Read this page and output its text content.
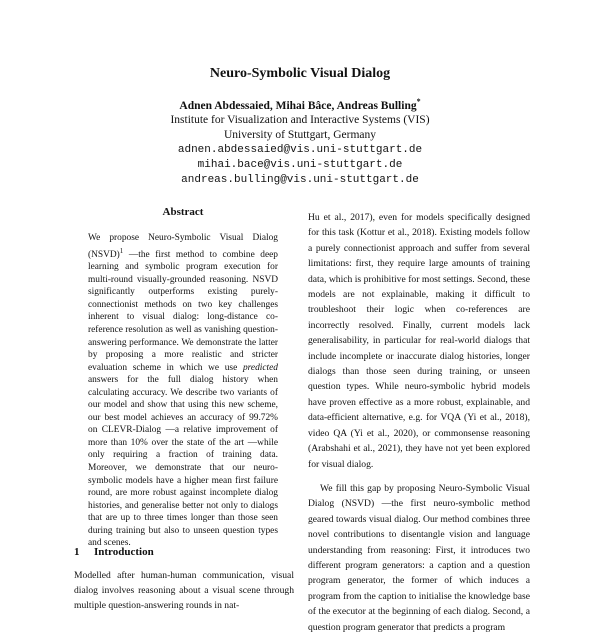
Neuro-Symbolic Visual Dialog
Adnen Abdessaied, Mihai Bâce, Andreas Bulling*
Institute for Visualization and Interactive Systems (VIS)
University of Stuttgart, Germany
adnen.abdessaied@vis.uni-stuttgart.de
mihai.bace@vis.uni-stuttgart.de
andreas.bulling@vis.uni-stuttgart.de
Abstract
We propose Neuro-Symbolic Visual Dialog (NSVD)$^1$ —the first method to combine deep learning and symbolic program execution for multi-round visually-grounded reasoning. NSVD significantly outperforms existing purely-connectionist methods on two key challenges inherent to visual dialog: long-distance co-reference resolution as well as vanishing question-answering performance. We demonstrate the latter by proposing a more realistic and stricter evaluation scheme in which we use predicted answers for the full dialog history when calculating accuracy. We describe two variants of our model and show that using this new scheme, our best model achieves an accuracy of 99.72% on CLEVR-Dialog —a relative improvement of more than 10% over the state of the art —while only requiring a fraction of training data. Moreover, we demonstrate that our neuro-symbolic models have a higher mean first failure round, are more robust against incomplete dialog histories, and generalise better not only to dialogs that are up to three times longer than those seen during training but also to unseen question types and scenes.
1 Introduction
Modelled after human-human communication, visual dialog involves reasoning about a visual scene through multiple question-answering rounds in nat-

Hu et al., 2017), even for models specifically designed for this task (Kottur et al., 2018). Existing models follow a purely connectionist approach and suffer from several limitations: first, they require large amounts of training data, which is prohibitive for most settings. Second, these models are not explainable, making it difficult to troubleshoot their logic when co-references are incorrectly resolved. Finally, current models lack generalisability, in particular for real-world dialogs that include incomplete or inaccurate dialog histories, longer dialogs than those seen during training, or unseen question types. While neuro-symbolic hybrid models have proven effective as a more robust, explainable, and data-efficient alternative, e.g. for VQA (Yi et al., 2018), video QA (Yi et al., 2020), or commonsense reasoning (Arabshahi et al., 2021), they have not yet been explored for visual dialog.

We fill this gap by proposing Neuro-Symbolic Visual Dialog (NSVD) —the first neuro-symbolic method geared towards visual dialog. Our method combines three novel contributions to disentangle vision and language understanding from reasoning: First, it introduces two different program generators: a caption and a question program generator, the former of which induces a program from the caption to initialise the knowledge base of the executor at the beginning of each dialog. Second, a question program generator that predicts a program
